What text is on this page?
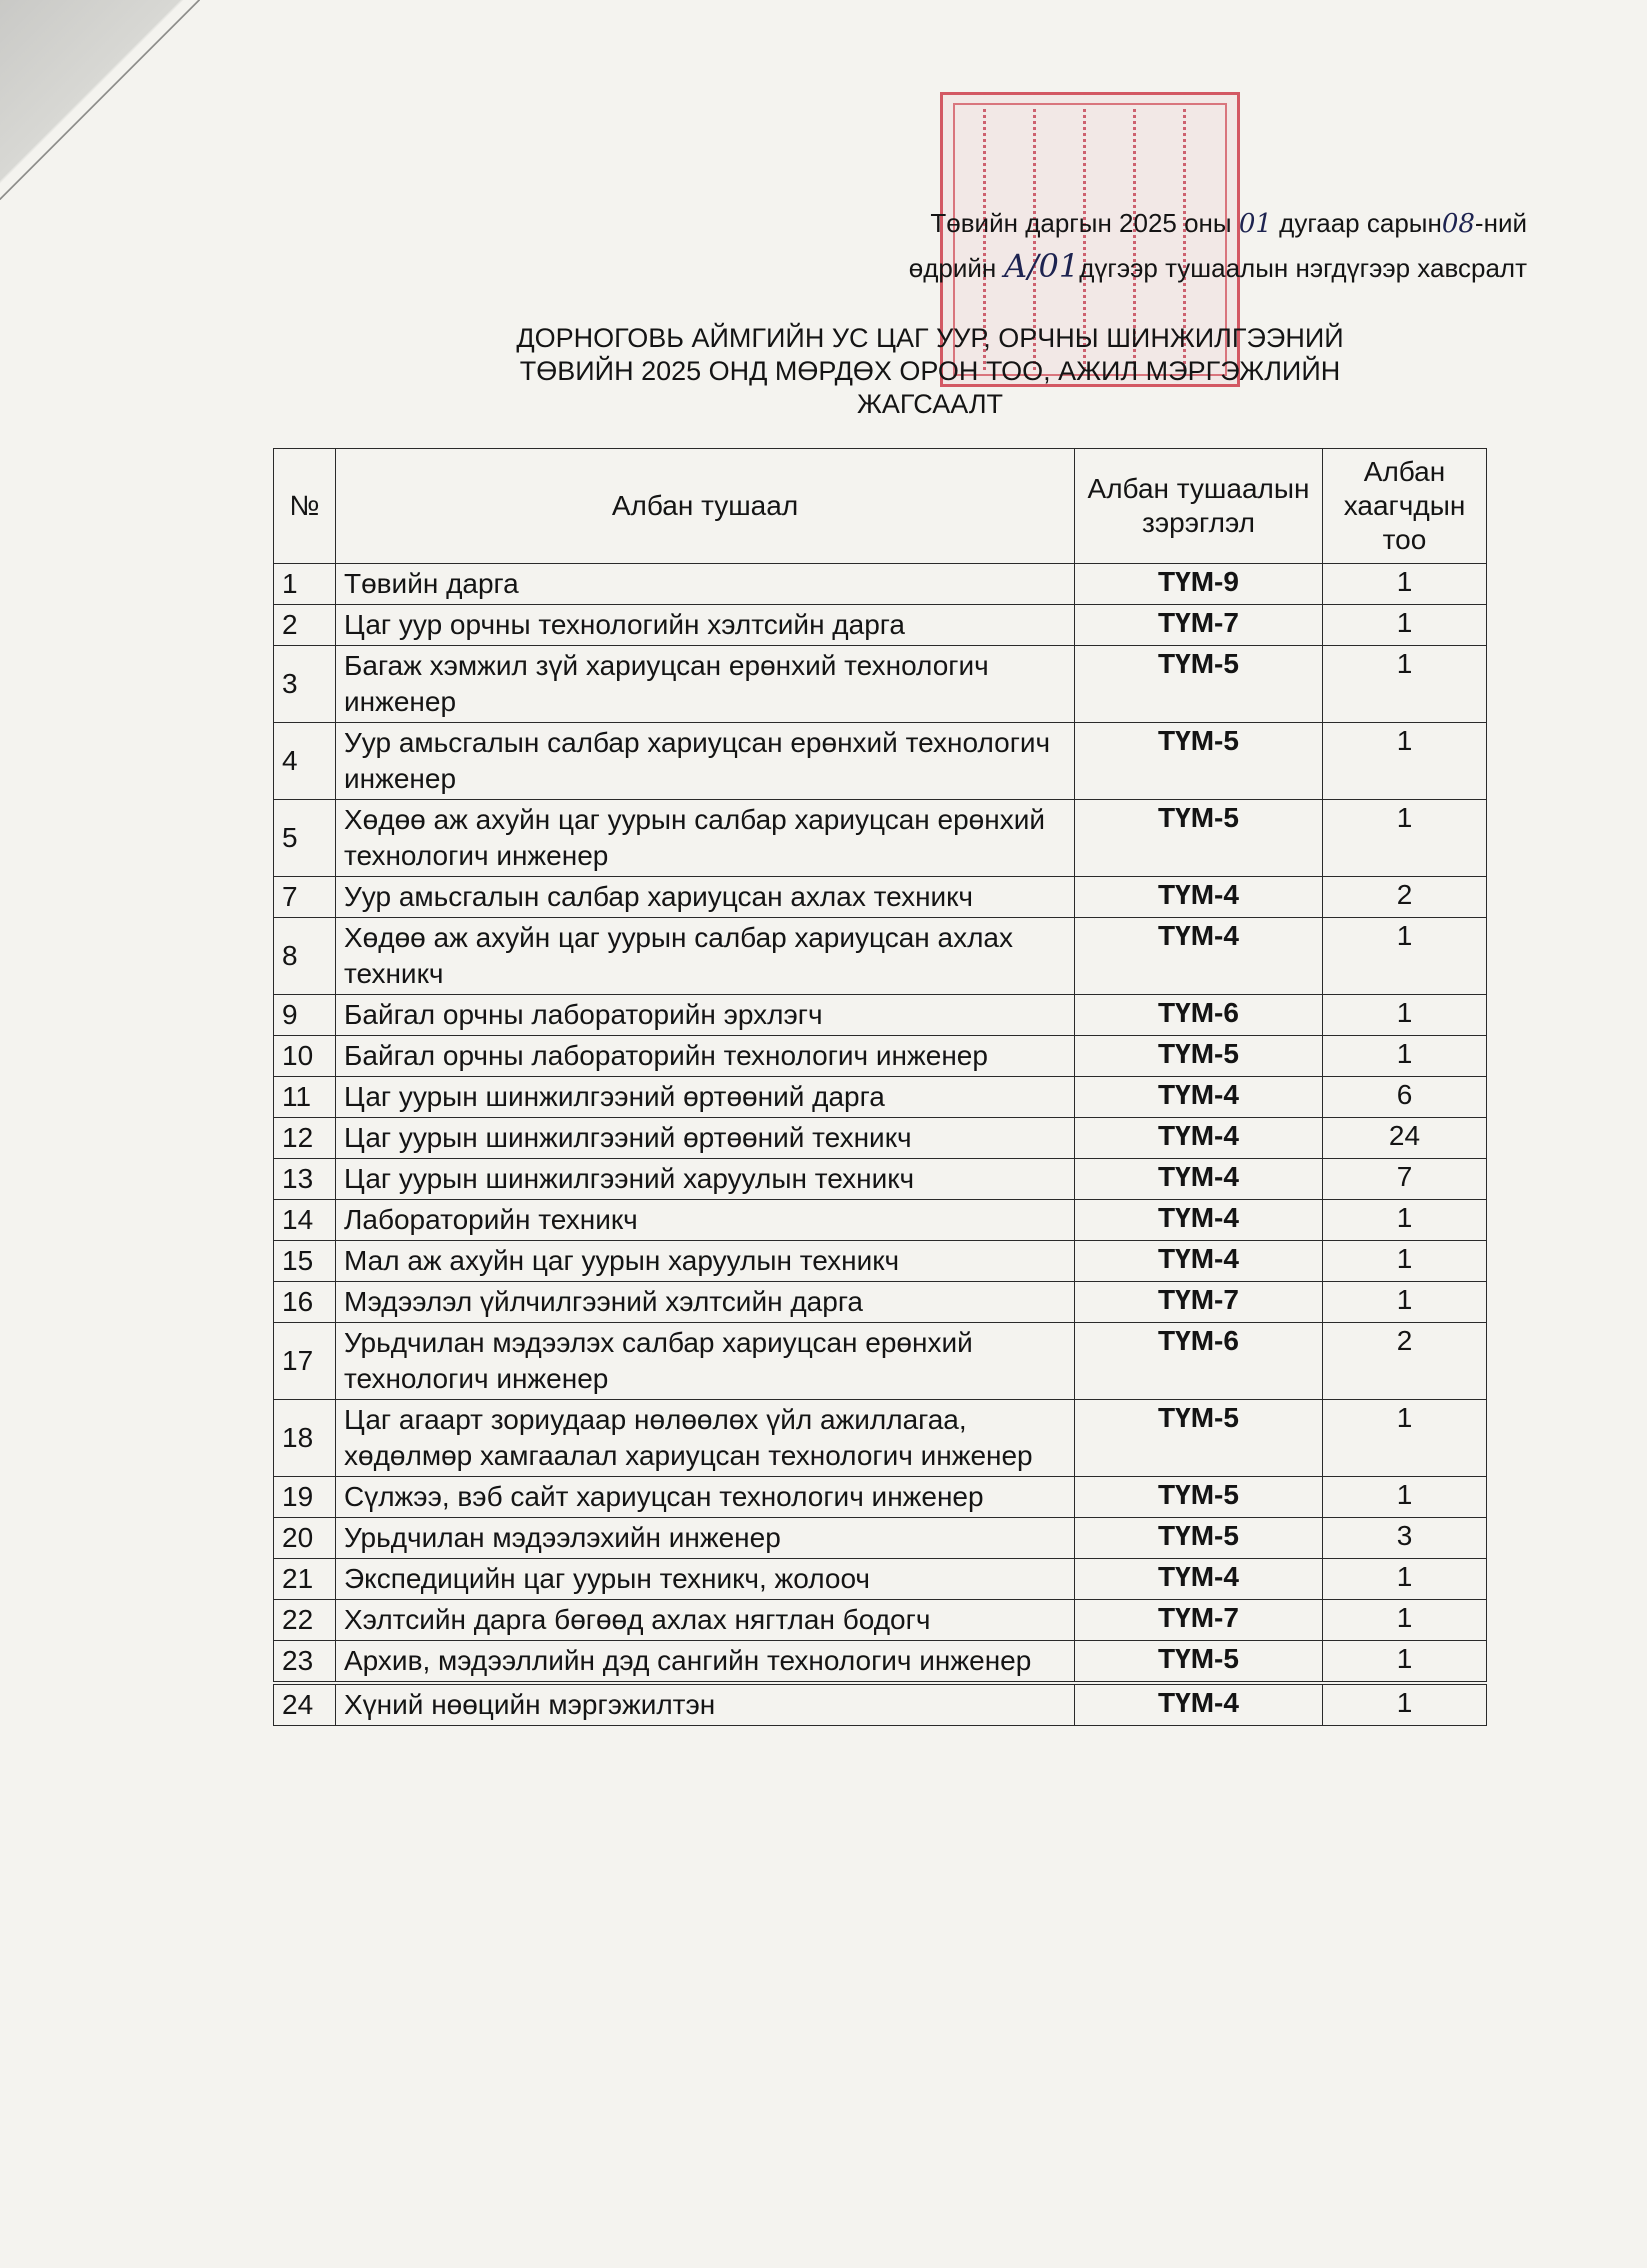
Төвийн даргын 2025 оны 01 дугаар сарын08-ний
өдрийн А/01дүгээр тушаалын нэгдүгээр хавсралт
ДОРНОГОВЬ АЙМГИЙН УС ЦАГ УУР, ОРЧНЫ ШИНЖИЛГЭЭНИЙ
ТӨВИЙН 2025 ОНД МӨРДӨХ ОРОН ТОО, АЖИЛ МЭРГЭЖЛИЙН
ЖАГСААЛТ
№	Албан тушаал	Албан тушаалын зэрэглэл	Албан хаагчдын тоо
1	Төвийн дарга	ТҮМ-9	1
2	Цаг уур орчны технологийн хэлтсийн дарга	ТҮМ-7	1
3	Багаж хэмжил зүй хариуцсан ерөнхий технологич инженер	ТҮМ-5	1
4	Уур амьсгалын салбар хариуцсан ерөнхий технологич инженер	ТҮМ-5	1
5	Хөдөө аж ахуйн цаг уурын салбар хариуцсан ерөнхий технологич инженер	ТҮМ-5	1
7	Уур амьсгалын салбар хариуцсан ахлах техникч	ТҮМ-4	2
8	Хөдөө аж ахуйн цаг уурын салбар хариуцсан ахлах техникч	ТҮМ-4	1
9	Байгал орчны лабораторийн эрхлэгч	ТҮМ-6	1
10	Байгал орчны лабораторийн технологич инженер	ТҮМ-5	1
11	Цаг уурын шинжилгээний өртөөний дарга	ТҮМ-4	6
12	Цаг уурын шинжилгээний өртөөний техникч	ТҮМ-4	24
13	Цаг уурын шинжилгээний харуулын техникч	ТҮМ-4	7
14	Лабораторийн техникч	ТҮМ-4	1
15	Мал аж ахуйн цаг уурын харуулын техникч	ТҮМ-4	1
16	Мэдээлэл үйлчилгээний хэлтсийн дарга	ТҮМ-7	1
17	Урьдчилан мэдээлэх салбар хариуцсан ерөнхий технологич инженер	ТҮМ-6	2
18	Цаг агаарт зориудаар нөлөөлөх үйл ажиллагаа, хөдөлмөр хамгаалал хариуцсан технологич инженер	ТҮМ-5	1
19	Сүлжээ, вэб сайт хариуцсан технологич инженер	ТҮМ-5	1
20	Урьдчилан мэдээлэхийн инженер	ТҮМ-5	3
21	Экспедицийн цаг уурын техникч, жолооч	ТҮМ-4	1
22	Хэлтсийн дарга бөгөөд ахлах нягтлан бодогч	ТҮМ-7	1
23	Архив, мэдээллийн дэд сангийн технологич инженер	ТҮМ-5	1
24	Хүний нөөцийн мэргэжилтэн	ТҮМ-4	1
